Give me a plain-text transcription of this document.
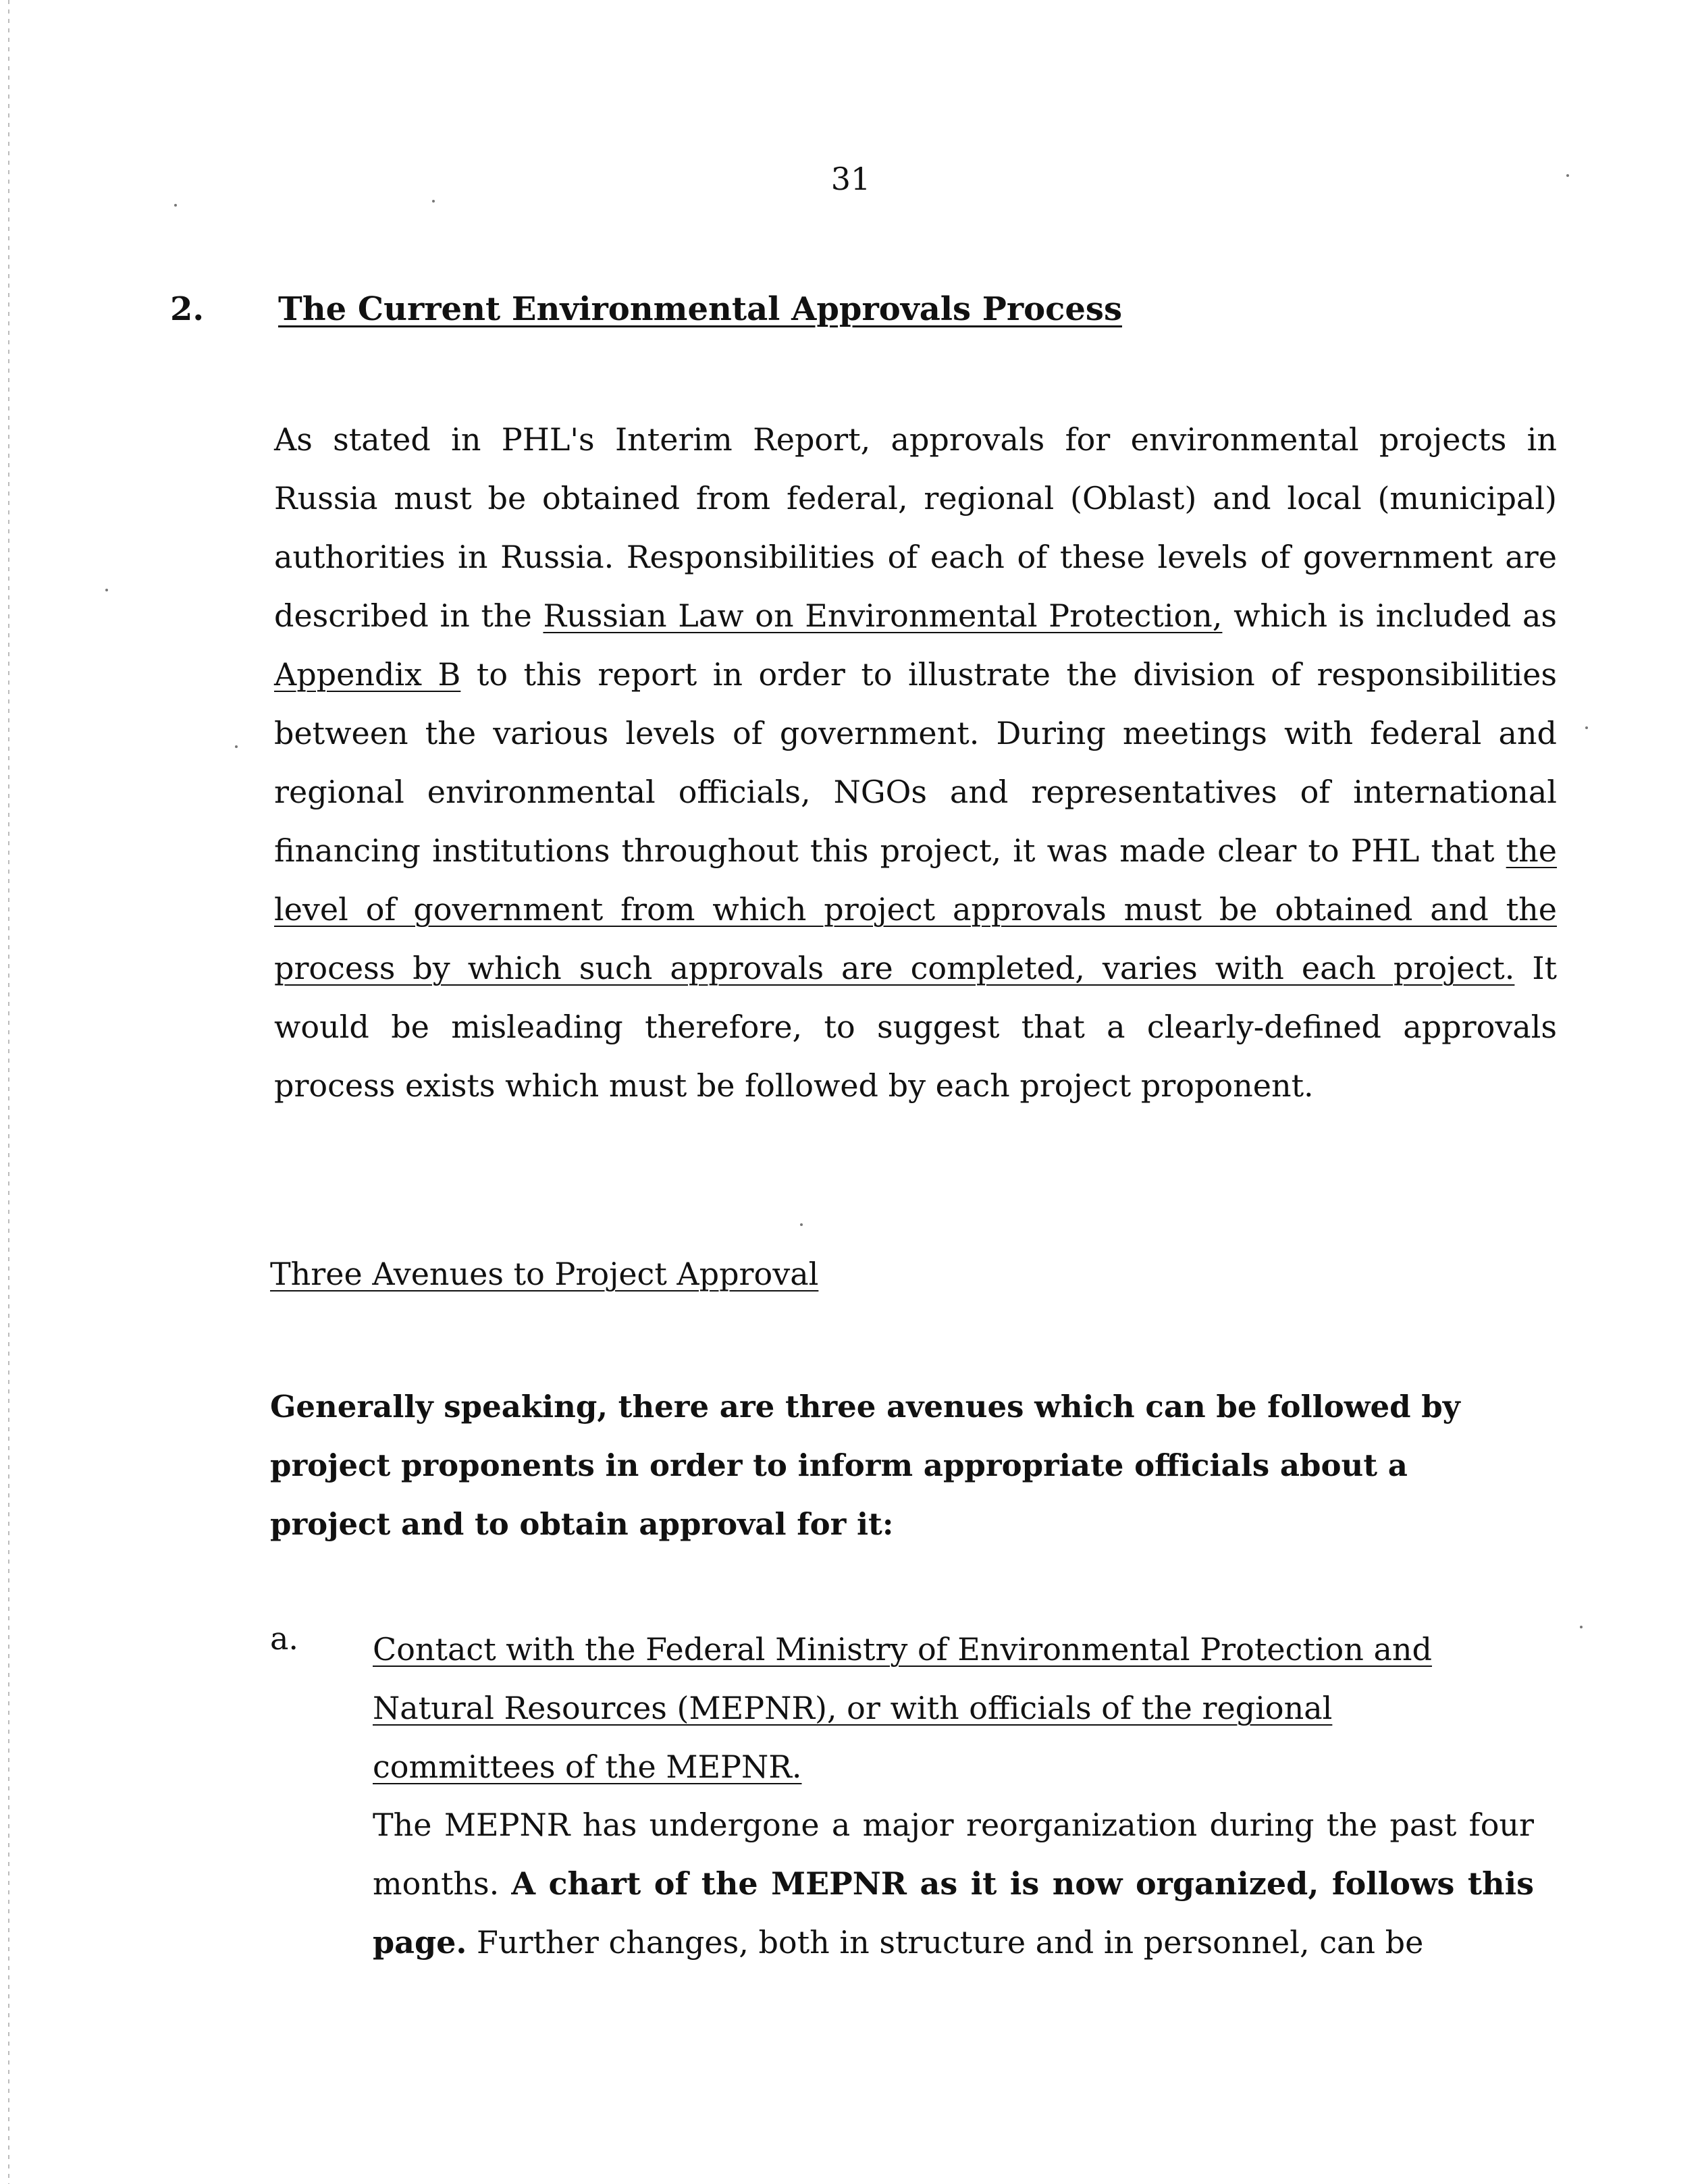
31
2. The Current Environmental Approvals Process
As stated in PHL's Interim Report, approvals for environmental projects in Russia must be obtained from federal, regional (Oblast) and local (municipal) authorities in Russia. Responsibilities of each of these levels of government are described in the Russian Law on Environmental Protection, which is included as Appendix B to this report in order to illustrate the division of responsibilities between the various levels of government. During meetings with federal and regional environmental officials, NGOs and representatives of international financing institutions throughout this project, it was made clear to PHL that the level of government from which project approvals must be obtained and the process by which such approvals are completed, varies with each project. It would be misleading therefore, to suggest that a clearly-defined approvals process exists which must be followed by each project proponent.
Three Avenues to Project Approval
Generally speaking, there are three avenues which can be followed by project proponents in order to inform appropriate officials about a project and to obtain approval for it:
a. Contact with the Federal Ministry of Environmental Protection and Natural Resources (MEPNR), or with officials of the regional committees of the MEPNR.
The MEPNR has undergone a major reorganization during the past four months. A chart of the MEPNR as it is now organized, follows this page. Further changes, both in structure and in personnel, can be
